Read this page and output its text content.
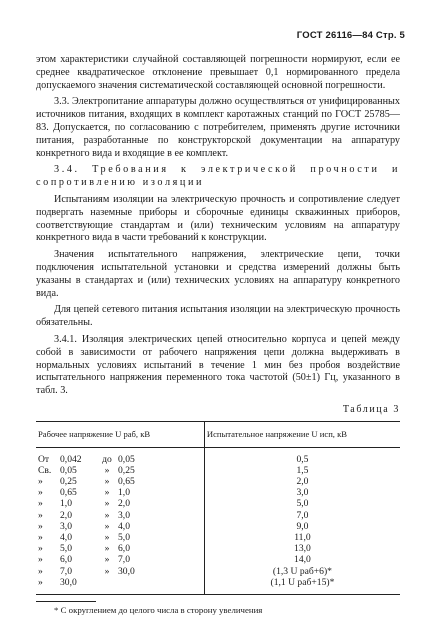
ГОСТ 26116—84 Стр. 5

этом характеристики случайной составляющей погрешности нормируют, если ее среднее квадратическое отклонение превышает 0,1 нормированного предела допускаемого значения систематической составляющей основной погрешности.

3.3. Электропитание аппаратуры должно осуществляться от унифицированных источников питания, входящих в комплект каротажных станций по ГОСТ 25785—83. Допускается, по согласованию с потребителем, применять другие источники питания, разработанные по конструкторской документации на аппаратуру конкретного вида и входящие в ее комплект.

3.4. Требования к электрической прочности и сопротивлению изоляции

Испытаниям изоляции на электрическую прочность и сопротивление следует подвергать наземные приборы и сборочные единицы скважинных приборов, соответствующие стандартам и (или) техническим условиям на аппаратуру конкретного вида в части требований к конструкции.

Значения испытательного напряжения, электрические цепи, точки подключения испытательной установки и средства измерений должны быть указаны в стандартах и (или) технических условиях на аппаратуру конкретного вида.

Для цепей сетевого питания испытания изоляции на электрическую прочность обязательны.

3.4.1. Изоляция электрических цепей относительно корпуса и цепей между собой в зависимости от рабочего напряжения цепи должна выдерживать в нормальных условиях испытаний в течение 1 мин без пробоя воздействие испытательного напряжения переменного тока частотой (50±1) Гц, указанного в табл. 3.

Таблица 3
Рабочее напряжение U раб, кВ	Испытательное напряжение U исп, кВ

От 0,042 до 0,05	0,5

Св. 0,05 » 0,25	1,5

» 0,25 » 0,65	2,0

» 0,65 » 1,0	3,0

» 1,0 » 2,0	5,0

» 2,0 » 3,0	7,0

» 3,0 » 4,0	9,0

» 4,0 » 5,0	11,0

» 5,0 » 6,0	13,0

» 6,0 » 7,0	14,0

» 7,0 » 30,0	(1,3 U раб+6)*

» 30,0	(1,1 U раб+15)*
* С округлением до целого числа в сторону увеличения
